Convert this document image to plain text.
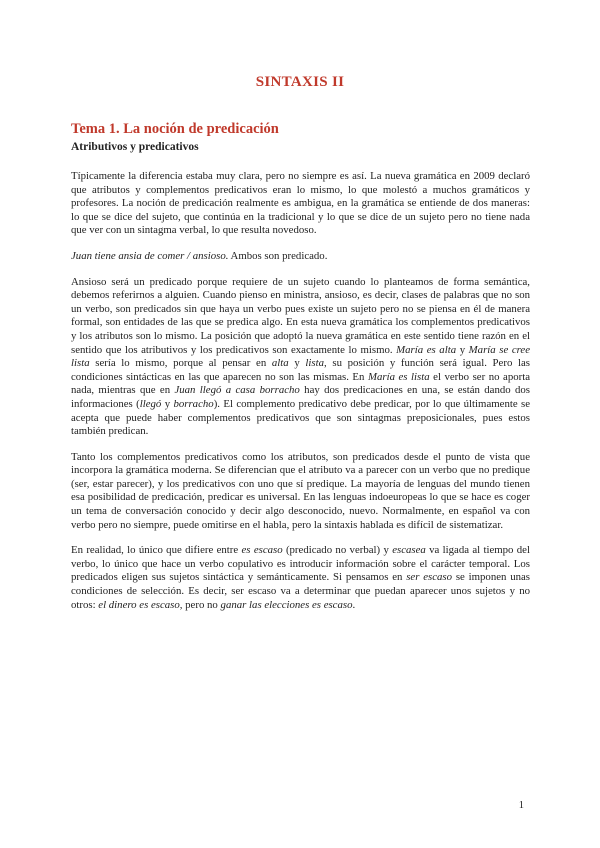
SINTAXIS II
Tema 1. La noción de predicación
Atributivos y predicativos

Típicamente la diferencia estaba muy clara, pero no siempre es así. La nueva gramática en 2009 declaró que atributos y complementos predicativos eran lo mismo, lo que molestó a muchos gramáticos y profesores. La noción de predicación realmente es ambigua, en la gramática se entiende de dos maneras: lo que se dice del sujeto, que continúa en la tradicional y lo que se dice de un sujeto pero no tiene nada que ver con un sintagma verbal, lo que resulta novedoso.

Juan tiene ansia de comer / ansioso. Ambos son predicado.

Ansioso será un predicado porque requiere de un sujeto cuando lo planteamos de forma semántica, debemos referirnos a alguien. Cuando pienso en ministra, ansioso, es decir, clases de palabras que no son un verbo, son predicados sin que haya un verbo pues existe un sujeto pero no se piensa en él de manera formal, son entidades de las que se predica algo. En esta nueva gramática los complementos predicativos y los atributos son lo mismo. La posición que adoptó la nueva gramática en este sentido tiene razón en el sentido que los atributivos y los predicativos son exactamente lo mismo. María es alta y María se cree lista sería lo mismo, porque al pensar en alta y lista, su posición y función será igual. Pero las condiciones sintácticas en las que aparecen no son las mismas. En María es lista el verbo ser no aporta nada, mientras que en Juan llegó a casa borracho hay dos predicaciones en una, se están dando dos informaciones (llegó y borracho). El complemento predicativo debe predicar, por lo que últimamente se acepta que puede haber complementos predicativos que son sintagmas preposicionales, pues estos también predican.

Tanto los complementos predicativos como los atributos, son predicados desde el punto de vista que incorpora la gramática moderna. Se diferencian que el atributo va a parecer con un verbo que no predique (ser, estar parecer), y los predicativos con uno que sí predique. La mayoría de lenguas del mundo tienen esa posibilidad de predicación, predicar es universal. En las lenguas indoeuropeas lo que se hace es coger un tema de conversación conocido y decir algo desconocido, nuevo. Normalmente, en español va con verbo pero no siempre, puede omitirse en el habla, pero la sintaxis hablada es difícil de sistematizar.

En realidad, lo único que difiere entre es escaso (predicado no verbal) y escasea va ligada al tiempo del verbo, lo único que hace un verbo copulativo es introducir información sobre el carácter temporal. Los predicados eligen sus sujetos sintáctica y semánticamente. Si pensamos en ser escaso se imponen unas condiciones de selección. Es decir, ser escaso va a determinar que puedan aparecer unos sujetos y no otros: el dinero es escaso, pero no ganar las elecciones es escaso.

1
